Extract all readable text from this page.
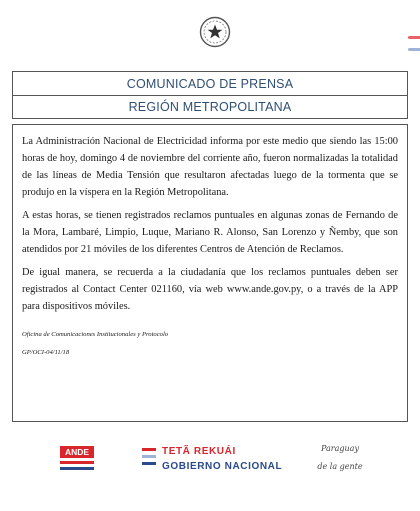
COMUNICADO DE PRENSA
REGIÓN METROPOLITANA

La Administración Nacional de Electricidad informa por este medio que siendo las 15:00 horas de hoy, domingo 4 de noviembre del corriente año, fueron normalizadas la totalidad de las líneas de Media Tensión que resultaron afectadas luego de la tormenta que se produjo en la víspera en la Región Metropolitana.

A estas horas, se tienen registrados reclamos puntuales en algunas zonas de Fernando de la Mora, Lambaré, Limpio, Luque, Mariano R. Alonso, San Lorenzo y Ñemby, que son atendidos por 21 móviles de los diferentes Centros de Atención de Reclamos.

De igual manera, se recuerda a la ciudadanía que los reclamos puntuales deben ser registrados al Contact Center 021160, vía web www.ande.gov.py, o a través de la APP para dispositivos móviles.

Oficina de Comunicaciones Institucionales y Protocolo
GP/OCI-04/11/18
ANDE	TETÃ REKUÁI
GOBIERNO NACIONAL
Paraguay
de la gente
